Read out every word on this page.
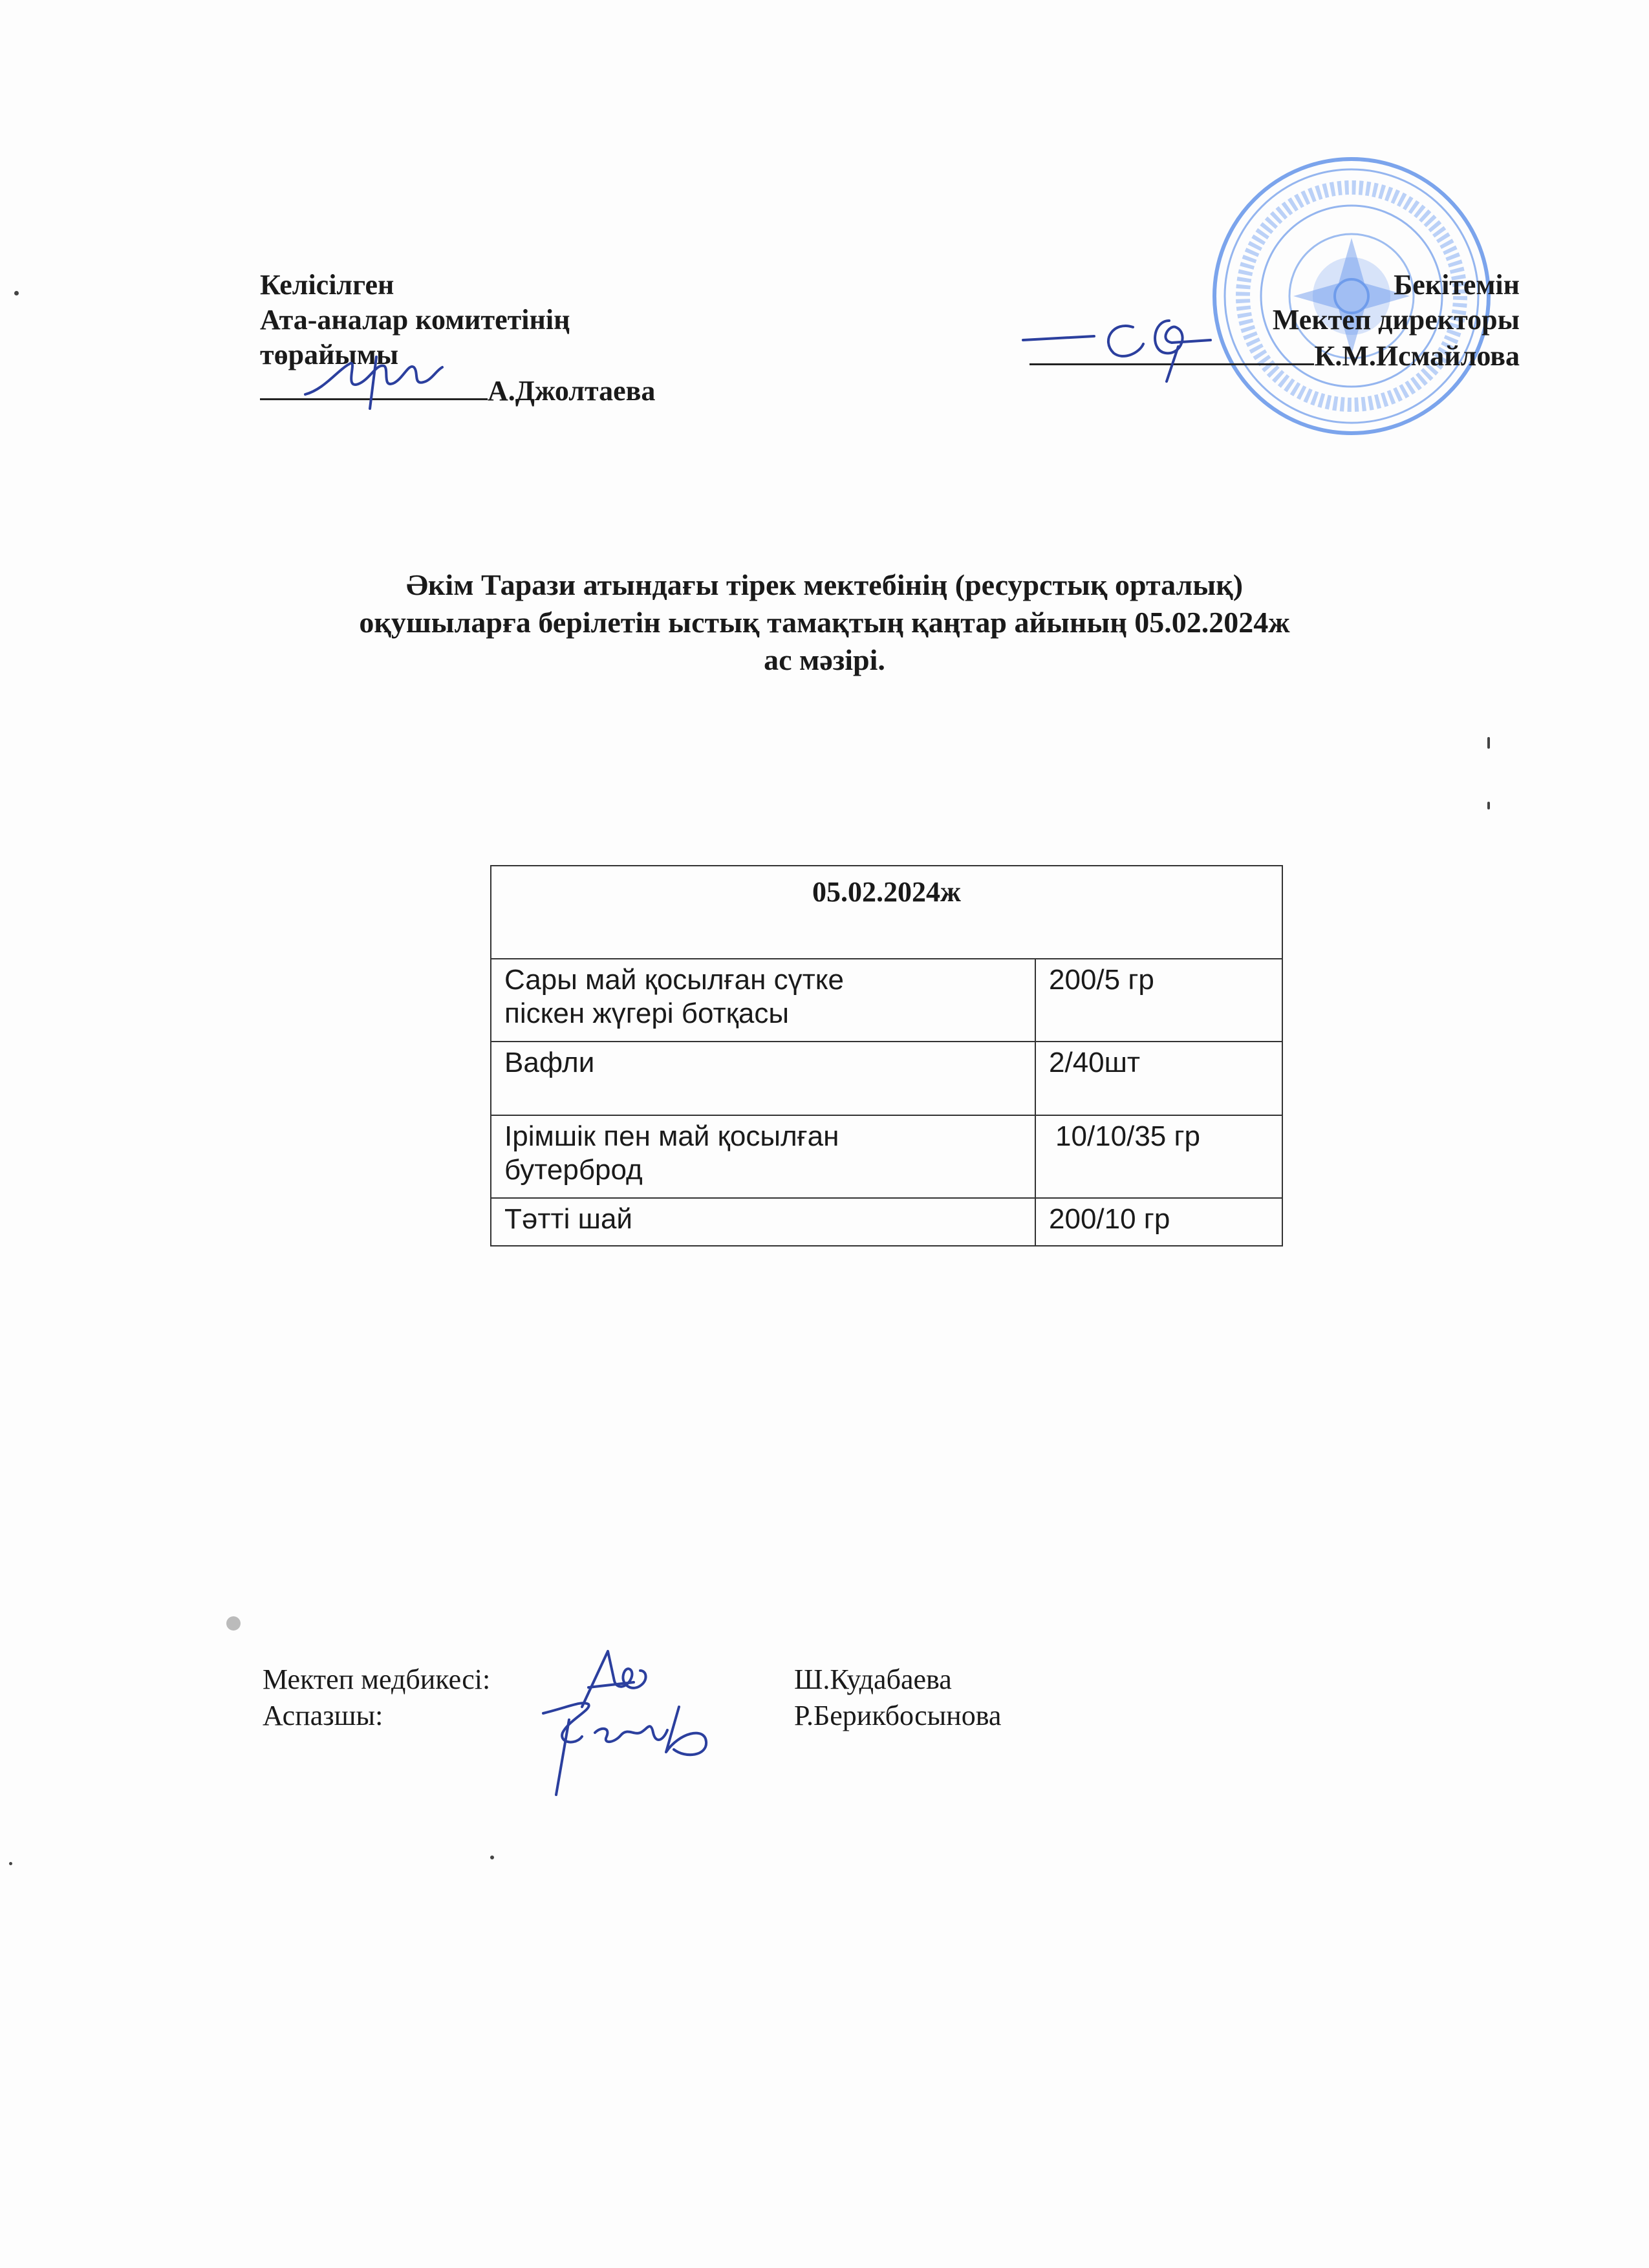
Келісілген
Ата-аналар комитетінің
төрайымы
А.Джолтаева
Бекітемін
Мектеп директоры
К.М.Исмайлова
Әкім Тарази атындағы тірек мектебінің (ресурстық орталық)
оқушыларға берілетін ыстық тамақтың қаңтар айының 05.02.2024ж
ас мәзірі.
05.02.2024ж	

Сары май қосылған сүтке
піскен жүгері ботқасы	200/5 гр

Вафли	2/40шт

Ірімшік пен май қосылған
бутерброд	10/10/35 гр

Тәтті шай	200/10 гр
Мектеп медбикесі:	Ш.Кудабаева
Аспазшы:	Р.Берикбосынова
